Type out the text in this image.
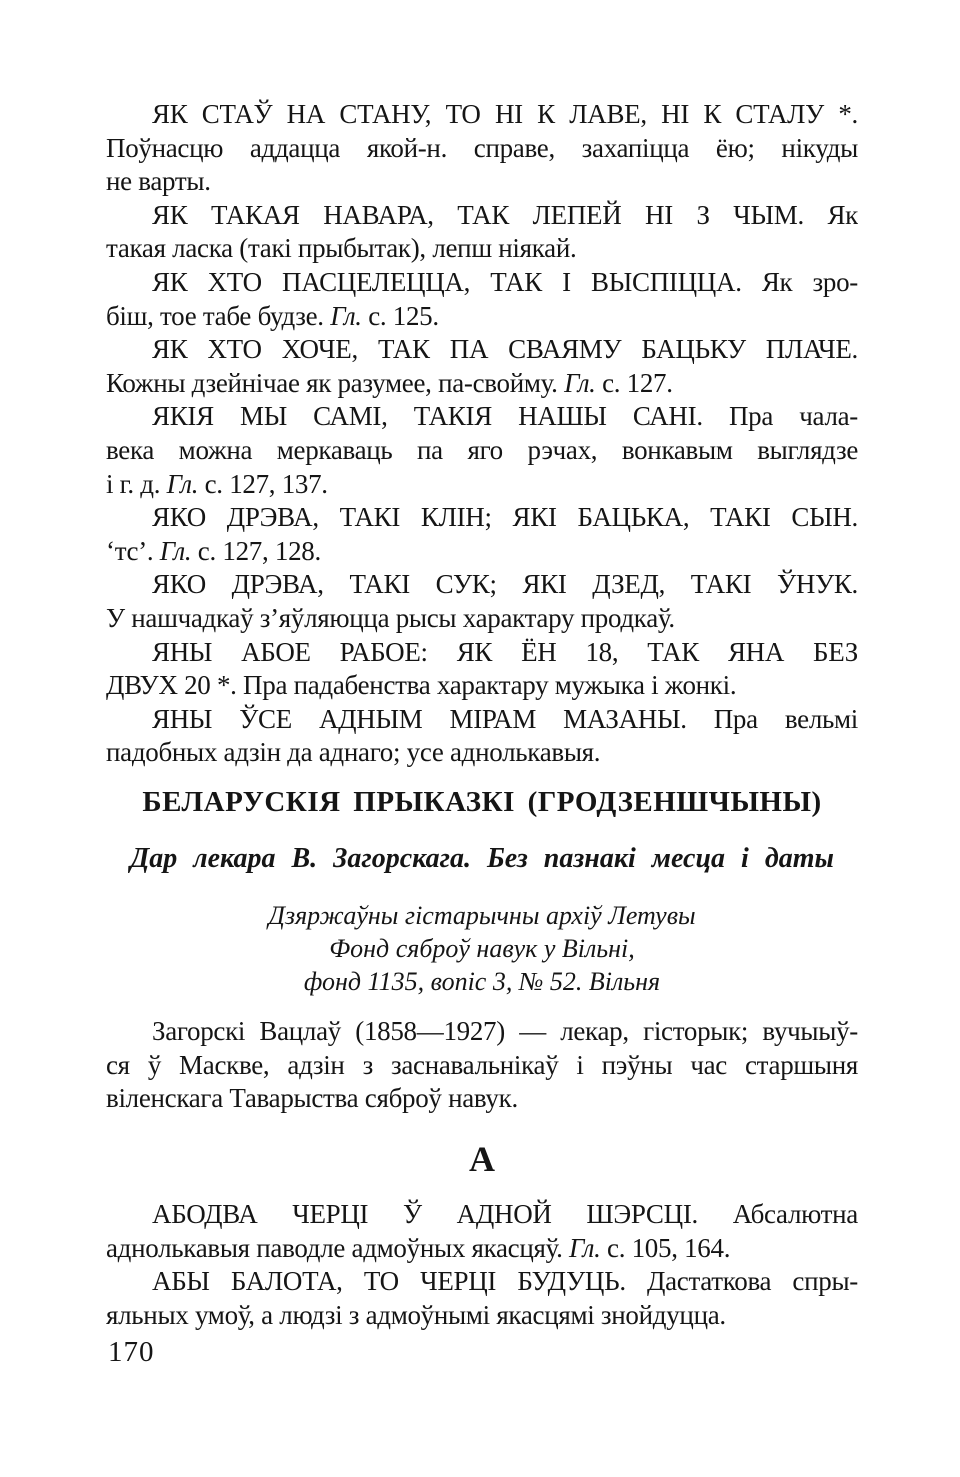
ЯК СТАЎ НА СТАНУ, ТО НІ К ЛАВЕ, НІ К СТАЛУ *.
Поўнасцю аддацца якой-н. справе, захапіцца ёю; нікуды
не варты.
ЯК ТАКАЯ НАВАРА, ТАК ЛЕПЕЙ НІ З ЧЫМ. Як
такая ласка (такі прыбытак), лепш ніякай.
ЯК ХТО ПАСЦЕЛЕЦЦА, ТАК І ВЫСПІЦЦА. Як зро-
біш, тое табе будзе. Гл. с. 125.
ЯК ХТО ХОЧЕ, ТАК ПА СВАЯМУ БАЦЬКУ ПЛАЧЕ.
Кожны дзейнічае як разумее, па-свойму. Гл. с. 127.
ЯКІЯ МЫ САМІ, ТАКІЯ НАШЫ САНІ. Пра чала-
века можна меркаваць па яго рэчах, вонкавым выглядзе
і г. д. Гл. с. 127, 137.
ЯКО ДРЭВА, ТАКІ КЛІН; ЯКІ БАЦЬКА, ТАКІ СЫН.
‘тс’. Гл. с. 127, 128.
ЯКО ДРЭВА, ТАКІ СУК; ЯКІ ДЗЕД, ТАКІ ЎНУК.
У нашчадкаў з’яўляюцца рысы характару продкаў.
ЯНЫ АБОЕ РАБОЕ: ЯК ЁН 18, ТАК ЯНА БЕЗ
ДВУХ 20 *. Пра падабенства характару мужыка і жонкі.
ЯНЫ ЎСЕ АДНЫМ МІРАМ МАЗАНЫ. Пра вельмі
падобных адзін да аднаго; усе аднолькавыя.
БЕЛАРУСКІЯ ПРЫКАЗКІ (ГРОДЗЕНШЧЫНЫ)
Дар лекара В. Загорскага. Без пазнакі месца і даты
Дзяржаўны гістарычны архіў Летувы
Фонд сяброў навук у Вільні,
фонд 1135, вопіс 3, № 52. Вільня
Загорскі Вацлаў (1858—1927) — лекар, гісторык; вучыыў-
ся ў Маскве, адзін з заснавальнікаў і пэўны час старшыня
віленскага Таварыства сяброў навук.
А
АБОДВА ЧЕРЦІ Ў АДНОЙ ШЭРСЦІ. Абсалютна
аднолькавыя паводле адмоўных якасцяў. Гл. с. 105, 164.
АБЫ БАЛОТА, ТО ЧЕРЦІ БУДУЦЬ. Дастаткова спры-
яльных умоў, а людзі з адмоўнымі якасцямі знойдуцца.
170
